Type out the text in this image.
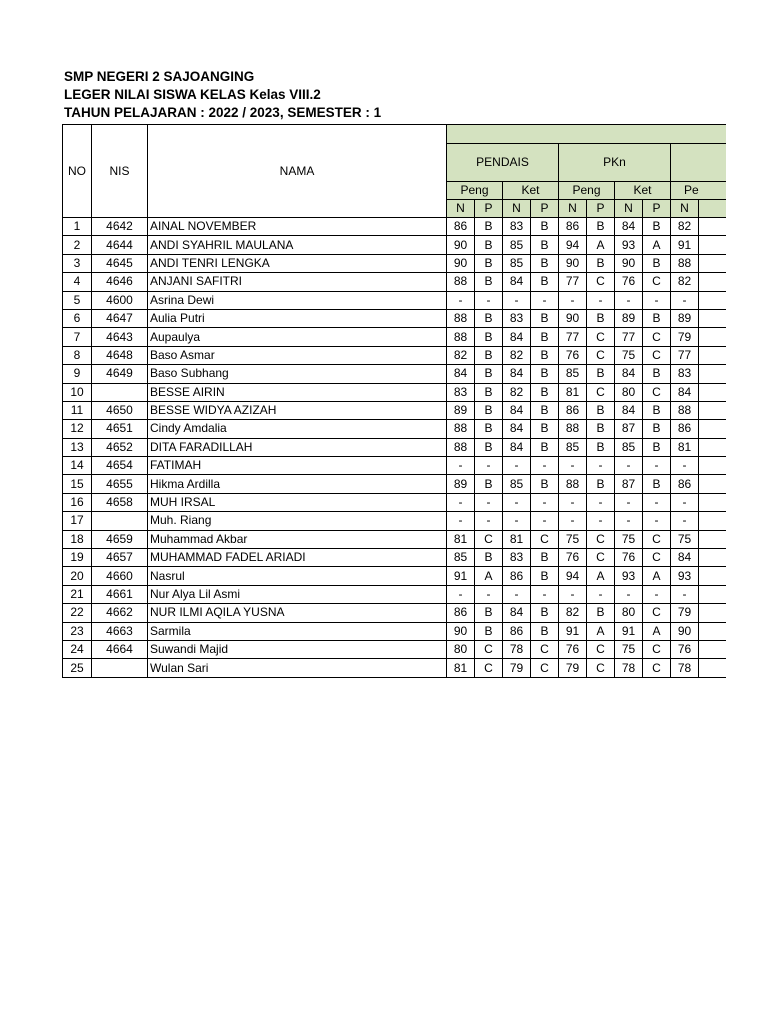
SMP NEGERI 2 SAJOANGING
LEGER NILAI SISWA KELAS Kelas VIII.2
TAHUN PELAJARAN : 2022 / 2023, SEMESTER : 1
NO	NIS	NAMA										
			PENDAIS				PKn					
			Peng		Ket		Peng		Ket		Pe	
			N	P	N	P	N	P	N	P	N	
1	4642	AINAL NOVEMBER	86	B	83	B	86	B	84	B	82	
2	4644	ANDI SYAHRIL MAULANA	90	B	85	B	94	A	93	A	91	
3	4645	ANDI TENRI LENGKA	90	B	85	B	90	B	90	B	88	
4	4646	ANJANI SAFITRI	88	B	84	B	77	C	76	C	82	
5	4600	Asrina Dewi	-	-	-	-	-	-	-	-	-	
6	4647	Aulia Putri	88	B	83	B	90	B	89	B	89	
7	4643	Aupaulya	88	B	84	B	77	C	77	C	79	
8	4648	Baso Asmar	82	B	82	B	76	C	75	C	77	
9	4649	Baso Subhang	84	B	84	B	85	B	84	B	83	
10		BESSE AIRIN	83	B	82	B	81	C	80	C	84	
11	4650	BESSE WIDYA AZIZAH	89	B	84	B	86	B	84	B	88	
12	4651	Cindy Amdalia	88	B	84	B	88	B	87	B	86	
13	4652	DITA FARADILLAH	88	B	84	B	85	B	85	B	81	
14	4654	FATIMAH	-	-	-	-	-	-	-	-	-	
15	4655	Hikma Ardilla	89	B	85	B	88	B	87	B	86	
16	4658	MUH IRSAL	-	-	-	-	-	-	-	-	-	
17		Muh. Riang	-	-	-	-	-	-	-	-	-	
18	4659	Muhammad Akbar	81	C	81	C	75	C	75	C	75	
19	4657	MUHAMMAD FADEL ARIADI	85	B	83	B	76	C	76	C	84	
20	4660	Nasrul	91	A	86	B	94	A	93	A	93	
21	4661	Nur Alya Lil Asmi	-	-	-	-	-	-	-	-	-	
22	4662	NUR ILMI AQILA YUSNA	86	B	84	B	82	B	80	C	79	
23	4663	Sarmila	90	B	86	B	91	A	91	A	90	
24	4664	Suwandi Majid	80	C	78	C	76	C	75	C	76	
25		Wulan Sari	81	C	79	C	79	C	78	C	78	
